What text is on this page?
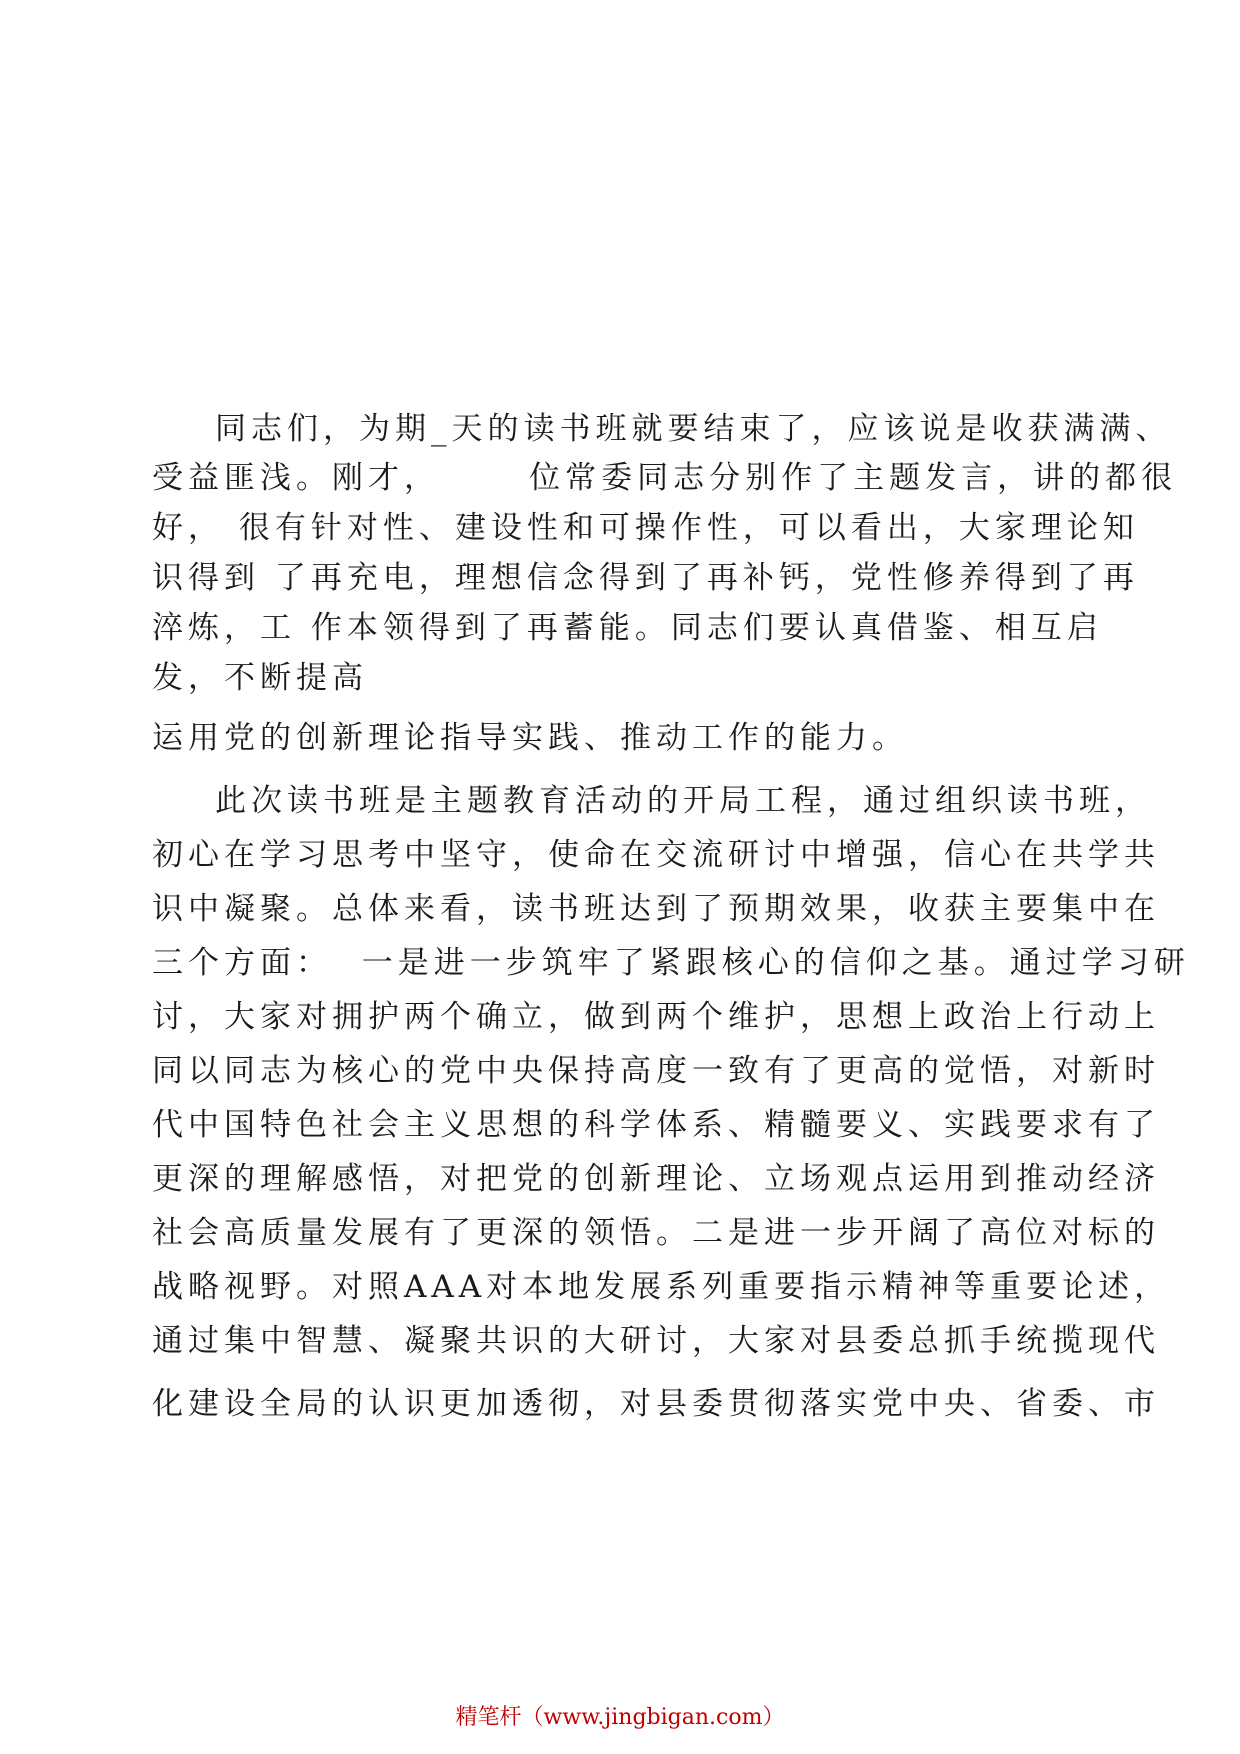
同志们，为期_天的读书班就要结束了，应该说是收获满满、
受益匪浅。刚才，      位常委同志分别作了主题发言，讲的都很
好， 很有针对性、建设性和可操作性，可以看出，大家理论知
识得到 了再充电，理想信念得到了再补钙，党性修养得到了再
淬炼，工 作本领得到了再蓄能。同志们要认真借鉴、相互启
发，不断提高
运用党的创新理论指导实践、推动工作的能力。
此次读书班是主题教育活动的开局工程，通过组织读书班，
初心在学习思考中坚守，使命在交流研讨中增强，信心在共学共
识中凝聚。总体来看，读书班达到了预期效果，收获主要集中在
三个方面：  一是进一步筑牢了紧跟核心的信仰之基。通过学习研
讨，大家对拥护两个确立，做到两个维护，思想上政治上行动上
同以同志为核心的党中央保持高度一致有了更高的觉悟，对新时
代中国特色社会主义思想的科学体系、精髓要义、实践要求有了
更深的理解感悟，对把党的创新理论、立场观点运用到推动经济
社会高质量发展有了更深的领悟。二是进一步开阔了高位对标的
战略视野。对照AAA对本地发展系列重要指示精神等重要论述，
通过集中智慧、凝聚共识的大研讨，大家对县委总抓手统揽现代
化建设全局的认识更加透彻，对县委贯彻落实党中央、省委、市
精笔杆（www.jingbigan.com）
